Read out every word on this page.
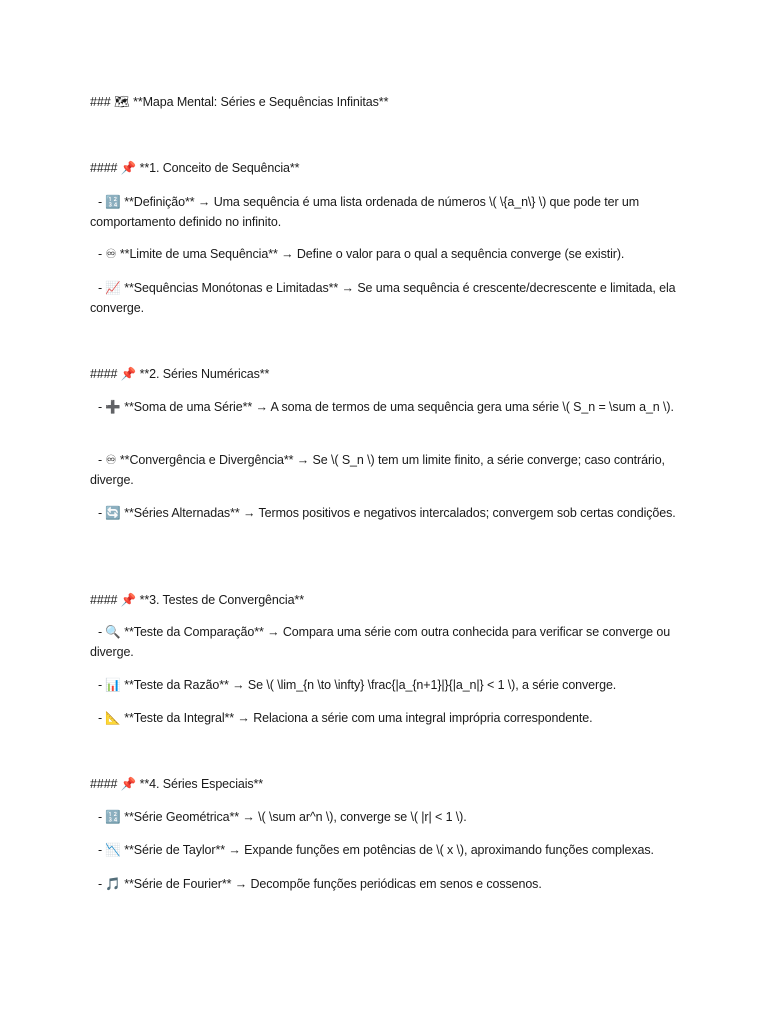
### 🗺 **Mapa Mental: Séries e Sequências Infinitas**
#### 📌 **1. Conceito de Sequência**
- 🔢 **Definição** → Uma sequência é uma lista ordenada de números \( \{a_n\} \) que pode ter um comportamento definido no infinito.
- ♾ **Limite de uma Sequência** → Define o valor para o qual a sequência converge (se existir).
- 📈 **Sequências Monótonas e Limitadas** → Se uma sequência é crescente/decrescente e limitada, ela converge.
#### 📌 **2. Séries Numéricas**
- ➕ **Soma de uma Série** → A soma de termos de uma sequência gera uma série \( S_n = \sum a_n \).
- ♾ **Convergência e Divergência** → Se \( S_n \) tem um limite finito, a série converge; caso contrário, diverge.
- 🔄 **Séries Alternadas** → Termos positivos e negativos intercalados; convergem sob certas condições.
#### 📌 **3. Testes de Convergência**
- 🔍 **Teste da Comparação** → Compara uma série com outra conhecida para verificar se converge ou diverge.
- 📊 **Teste da Razão** → Se \( \lim_{n \to \infty} \frac{|a_{n+1}|}{|a_n|} < 1 \), a série converge.
- 📐 **Teste da Integral** → Relaciona a série com uma integral imprópria correspondente.
#### 📌 **4. Séries Especiais**
- 🔢 **Série Geométrica** → \( \sum ar^n \), converge se \( |r| < 1 \).
- 📉 **Série de Taylor** → Expande funções em potências de \( x \), aproximando funções complexas.
- 🎵 **Série de Fourier** → Decompõe funções periódicas em senos e cossenos.
